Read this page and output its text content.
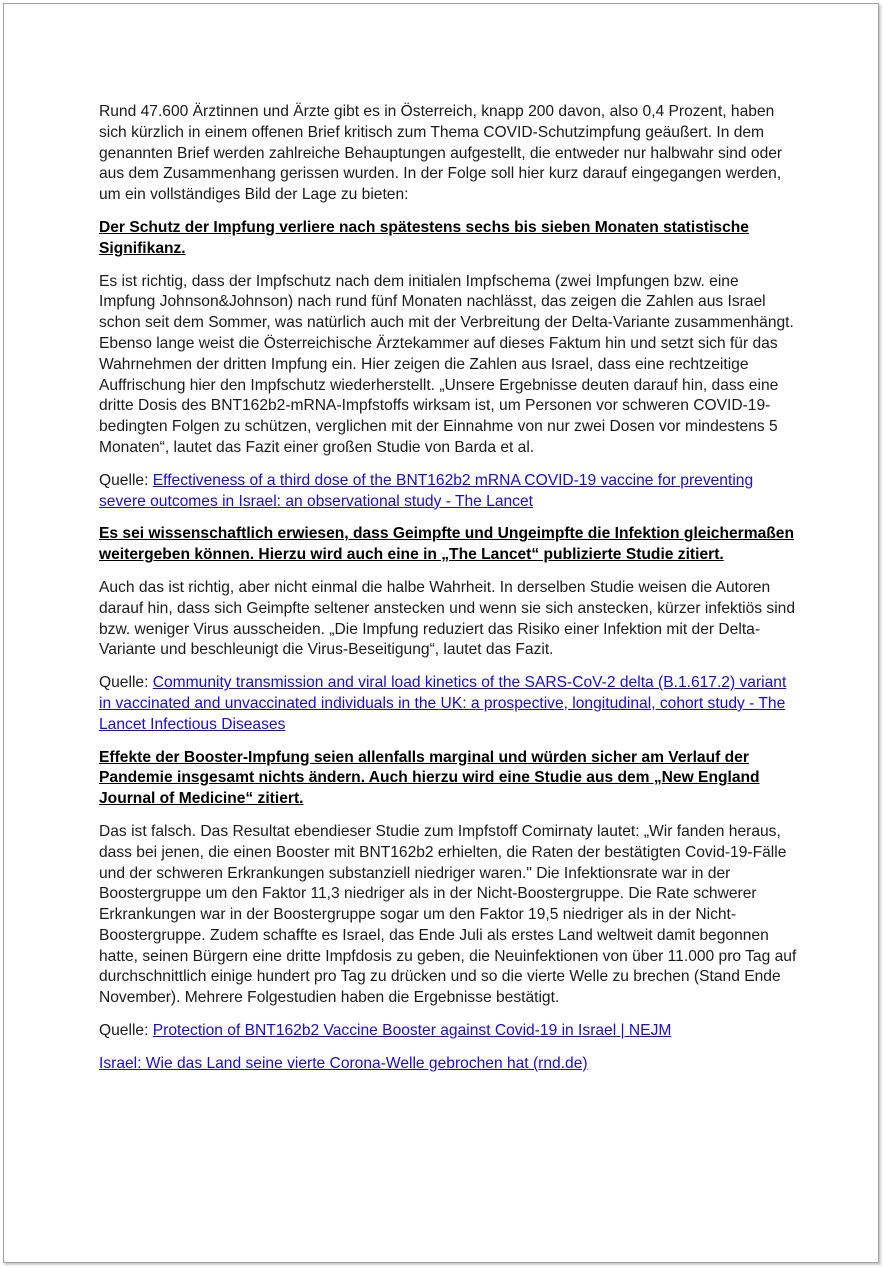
Rund 47.600 Ärztinnen und Ärzte gibt es in Österreich, knapp 200 davon, also 0,4 Prozent, haben sich kürzlich in einem offenen Brief kritisch zum Thema COVID-Schutzimpfung geäußert. In dem genannten Brief werden zahlreiche Behauptungen aufgestellt, die entweder nur halbwahr sind oder aus dem Zusammenhang gerissen wurden. In der Folge soll hier kurz darauf eingegangen werden, um ein vollständiges Bild der Lage zu bieten:

Der Schutz der Impfung verliere nach spätestens sechs bis sieben Monaten statistische Signifikanz.

Es ist richtig, dass der Impfschutz nach dem initialen Impfschema (zwei Impfungen bzw. eine Impfung Johnson&Johnson) nach rund fünf Monaten nachlässt, das zeigen die Zahlen aus Israel schon seit dem Sommer, was natürlich auch mit der Verbreitung der Delta-Variante zusammenhängt. Ebenso lange weist die Österreichische Ärztekammer auf dieses Faktum hin und setzt sich für das Wahrnehmen der dritten Impfung ein. Hier zeigen die Zahlen aus Israel, dass eine rechtzeitige Auffrischung hier den Impfschutz wiederherstellt. „Unsere Ergebnisse deuten darauf hin, dass eine dritte Dosis des BNT162b2-mRNA-Impfstoffs wirksam ist, um Personen vor schweren COVID-19-bedingten Folgen zu schützen, verglichen mit der Einnahme von nur zwei Dosen vor mindestens 5 Monaten“, lautet das Fazit einer großen Studie von Barda et al.

Quelle: Effectiveness of a third dose of the BNT162b2 mRNA COVID-19 vaccine for preventing severe outcomes in Israel: an observational study - The Lancet

Es sei wissenschaftlich erwiesen, dass Geimpfte und Ungeimpfte die Infektion gleichermaßen weitergeben können. Hierzu wird auch eine in „The Lancet“ publizierte Studie zitiert.

Auch das ist richtig, aber nicht einmal die halbe Wahrheit. In derselben Studie weisen die Autoren darauf hin, dass sich Geimpfte seltener anstecken und wenn sie sich anstecken, kürzer infektiös sind bzw. weniger Virus ausscheiden. „Die Impfung reduziert das Risiko einer Infektion mit der Delta-Variante und beschleunigt die Virus-Beseitigung“, lautet das Fazit.

Quelle: Community transmission and viral load kinetics of the SARS-CoV-2 delta (B.1.617.2) variant in vaccinated and unvaccinated individuals in the UK: a prospective, longitudinal, cohort study - The Lancet Infectious Diseases

Effekte der Booster-Impfung seien allenfalls marginal und würden sicher am Verlauf der Pandemie insgesamt nichts ändern. Auch hierzu wird eine Studie aus dem „New England Journal of Medicine“ zitiert.

Das ist falsch. Das Resultat ebendieser Studie zum Impfstoff Comirnaty lautet: „Wir fanden heraus, dass bei jenen, die einen Booster mit BNT162b2 erhielten, die Raten der bestätigten Covid-19-Fälle und der schweren Erkrankungen substanziell niedriger waren." Die Infektionsrate war in der Boostergruppe um den Faktor 11,3 niedriger als in der Nicht-Boostergruppe. Die Rate schwerer Erkrankungen war in der Boostergruppe sogar um den Faktor 19,5 niedriger als in der Nicht-Boostergruppe. Zudem schaffte es Israel, das Ende Juli als erstes Land weltweit damit begonnen hatte, seinen Bürgern eine dritte Impfdosis zu geben, die Neuinfektionen von über 11.000 pro Tag auf durchschnittlich einige hundert pro Tag zu drücken und so die vierte Welle zu brechen (Stand Ende November). Mehrere Folgestudien haben die Ergebnisse bestätigt.

Quelle: Protection of BNT162b2 Vaccine Booster against Covid-19 in Israel | NEJM

Israel: Wie das Land seine vierte Corona-Welle gebrochen hat (rnd.de)
